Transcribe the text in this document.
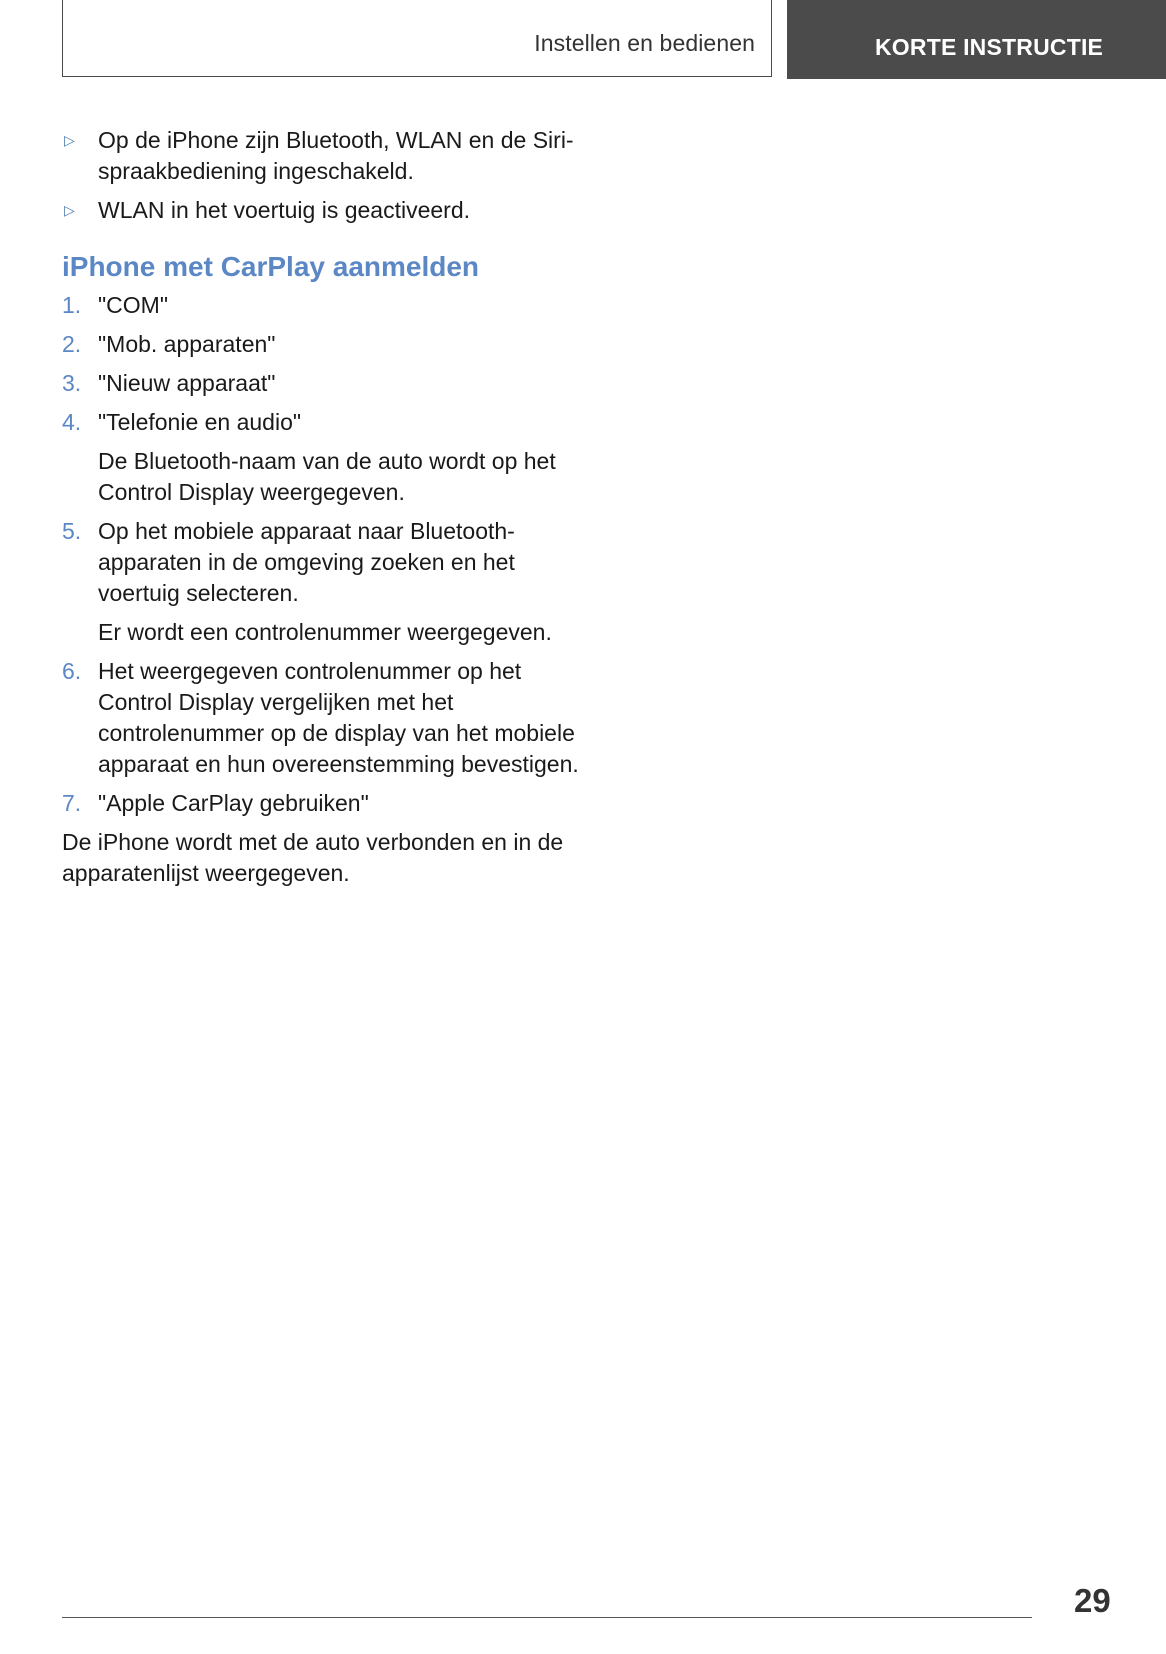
Instellen en bedienen	KORTE INSTRUCTIE
▷	Op de iPhone zijn Bluetooth, WLAN en de Siri-spraakbediening ingeschakeld.
▷	WLAN in het voertuig is geactiveerd.
iPhone met CarPlay aanmelden
1. "COM"
2. "Mob. apparaten"
3. "Nieuw apparaat"
4. "Telefonie en audio"
De Bluetooth-naam van de auto wordt op het Control Display weergegeven.
5. Op het mobiele apparaat naar Bluetooth-apparaten in de omgeving zoeken en het voertuig selecteren.
Er wordt een controlenummer weergegeven.
6. Het weergegeven controlenummer op het Control Display vergelijken met het controlenummer op de display van het mobiele apparaat en hun overeenstemming bevestigen.
7. "Apple CarPlay gebruiken"
De iPhone wordt met de auto verbonden en in de apparatenlijst weergegeven.
29
